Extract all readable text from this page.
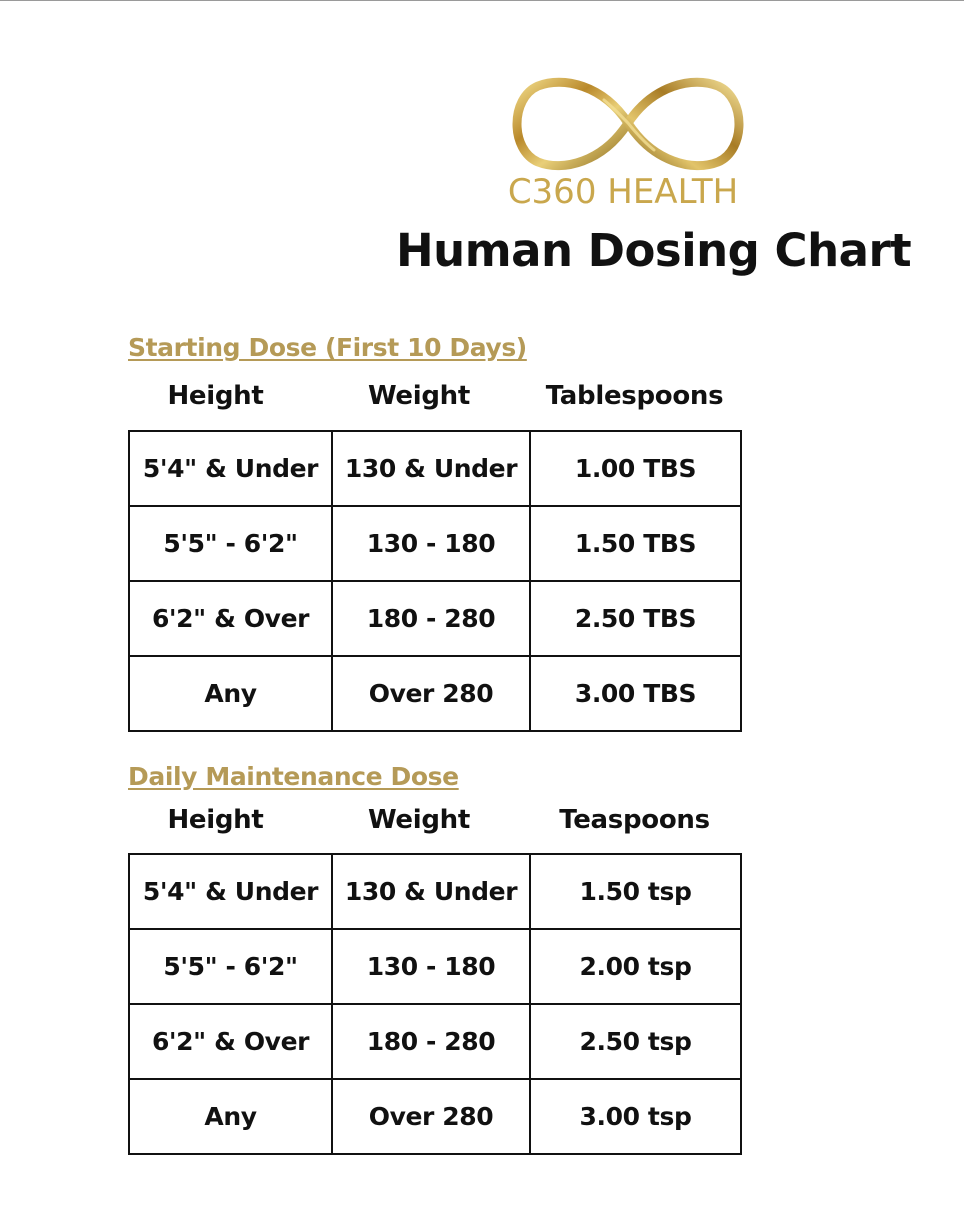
C360 HEALTH
Human Dosing Chart
Starting Dose (First 10 Days)
Height	Weight	Tablespoons
5'4" & Under	130 & Under	1.00 TBS
5'5" - 6'2"	130 - 180	1.50 TBS
6'2" & Over	180 - 280	2.50 TBS
Any	Over 280	3.00 TBS
Daily Maintenance Dose
Height	Weight	Teaspoons
5'4" & Under	130 & Under	1.50 tsp
5'5" - 6'2"	130 - 180	2.00 tsp
6'2" & Over	180 - 280	2.50 tsp
Any	Over 280	3.00 tsp
